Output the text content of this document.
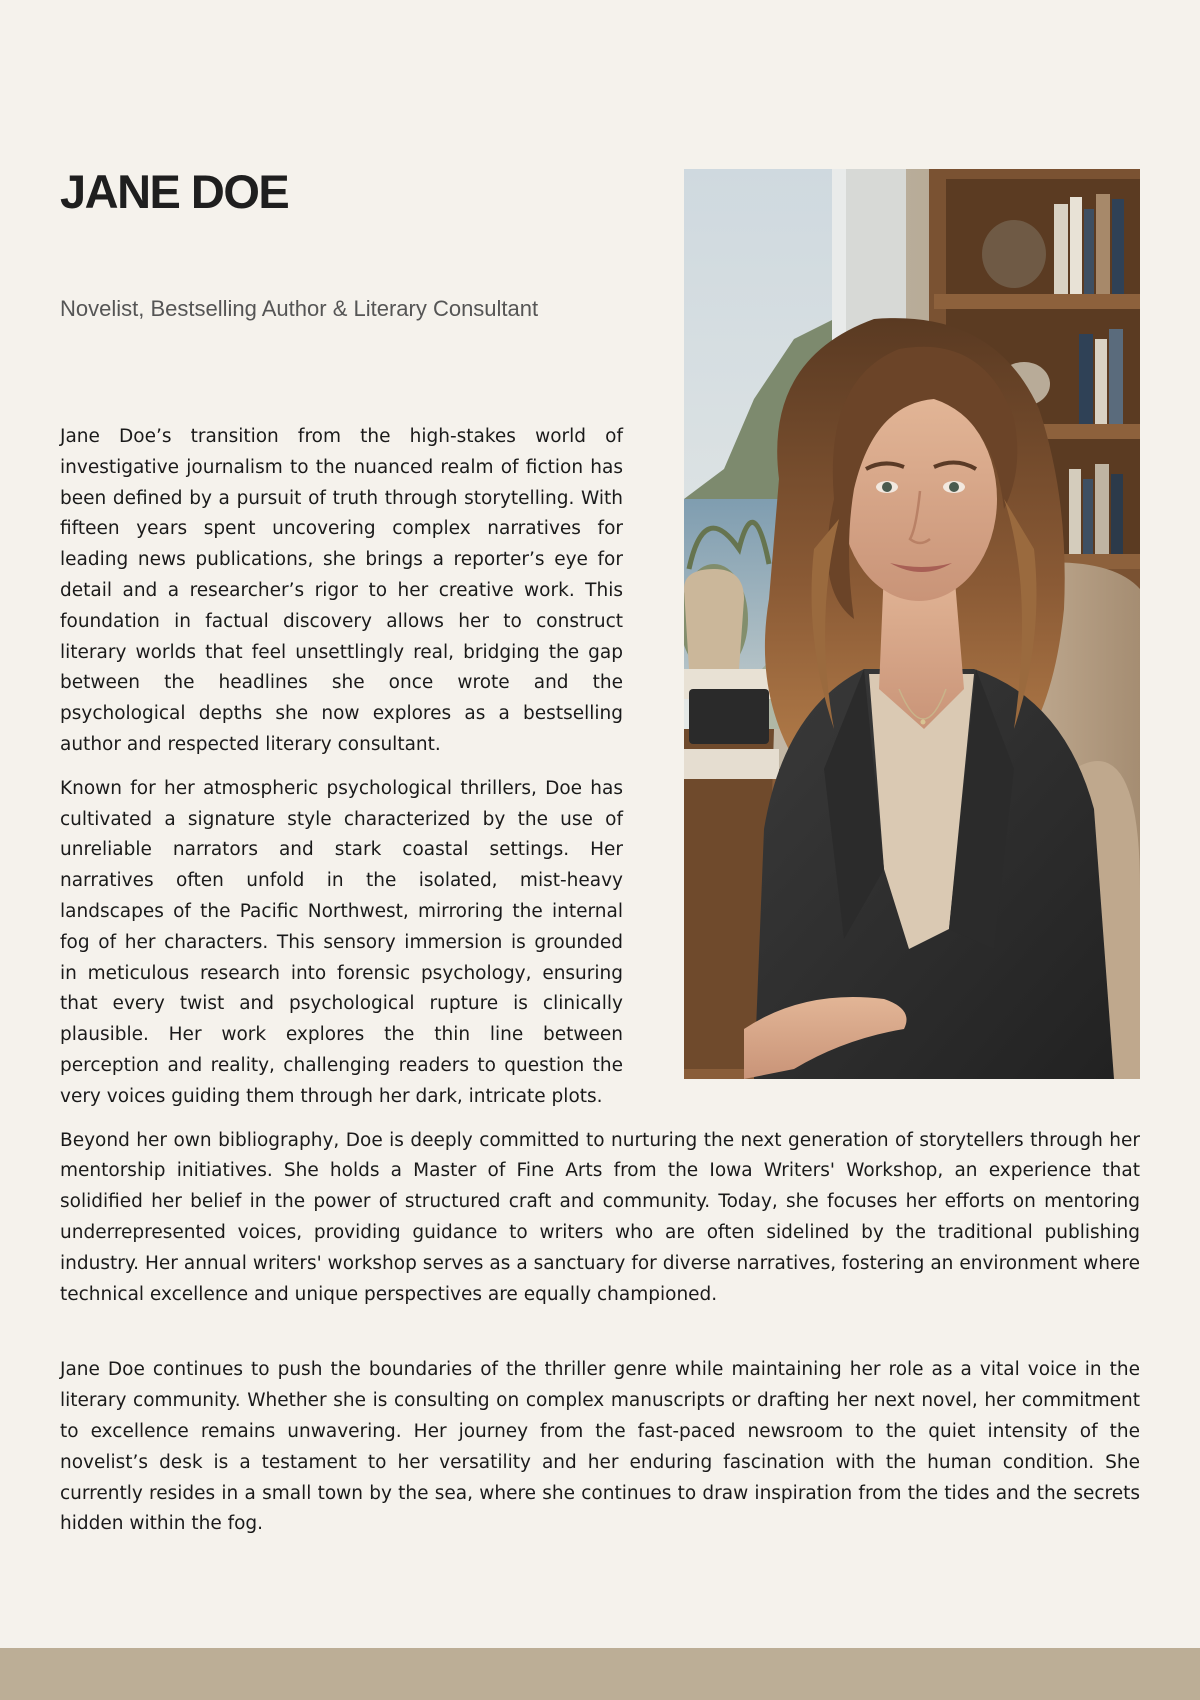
JANE DOE

Novelist, Bestselling Author & Literary Consultant

Jane Doe’s transition from the high-stakes world of investigative journalism to the nuanced realm of fiction has been defined by a pursuit of truth through storytelling. With fifteen years spent uncovering complex narratives for leading news publications, she brings a reporter’s eye for detail and a researcher’s rigor to her creative work. This foundation in factual discovery allows her to construct literary worlds that feel unsettlingly real, bridging the gap between the headlines she once wrote and the psychological depths she now explores as a bestselling author and respected literary consultant.

Known for her atmospheric psychological thrillers, Doe has cultivated a signature style characterized by the use of unreliable narrators and stark coastal settings. Her narratives often unfold in the isolated, mist-heavy landscapes of the Pacific Northwest, mirroring the internal fog of her characters. This sensory immersion is grounded in meticulous research into forensic psychology, ensuring that every twist and psychological rupture is clinically plausible. Her work explores the thin line between perception and reality, challenging readers to question the very voices guiding them through her dark, intricate plots.

Beyond her own bibliography, Doe is deeply committed to nurturing the next generation of storytellers through her mentorship initiatives. She holds a Master of Fine Arts from the Iowa Writers' Workshop, an experience that solidified her belief in the power of structured craft and community. Today, she focuses her efforts on mentoring underrepresented voices, providing guidance to writers who are often sidelined by the traditional publishing industry. Her annual writers' workshop serves as a sanctuary for diverse narratives, fostering an environment where technical excellence and unique perspectives are equally championed.

Jane Doe continues to push the boundaries of the thriller genre while maintaining her role as a vital voice in the literary community. Whether she is consulting on complex manuscripts or drafting her next novel, her commitment to excellence remains unwavering. Her journey from the fast-paced newsroom to the quiet intensity of the novelist’s desk is a testament to her versatility and her enduring fascination with the human condition. She currently resides in a small town by the sea, where she continues to draw inspiration from the tides and the secrets hidden within the fog.
